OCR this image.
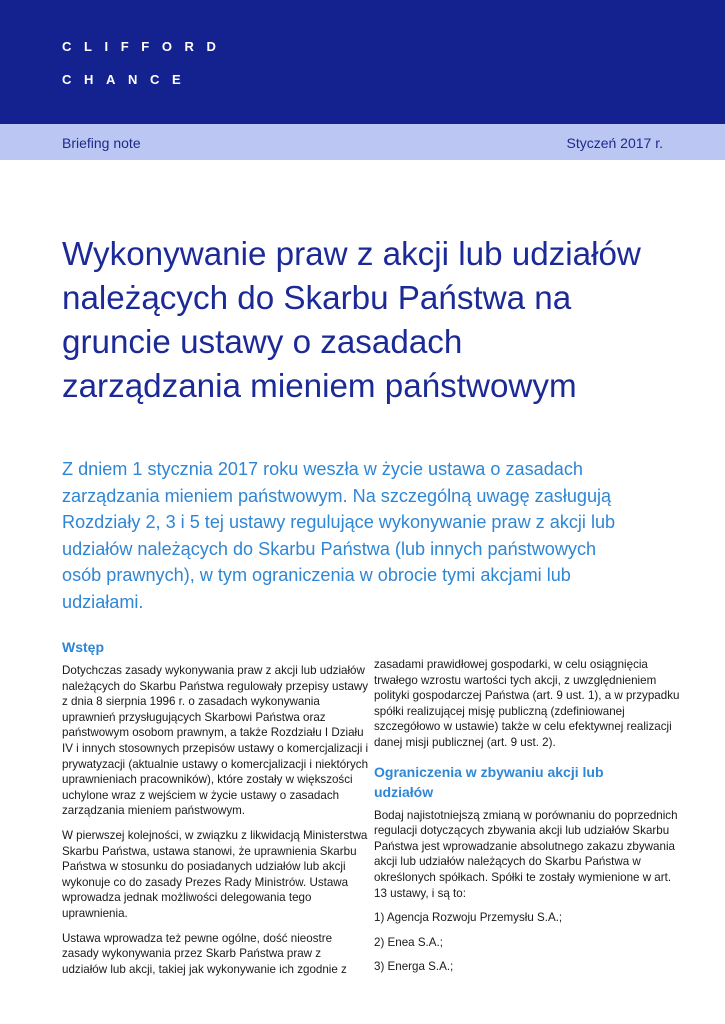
CLIFFORD
CHANCE
Briefing note	Styczeń 2017 r.
Wykonywanie praw z akcji lub udziałów
należących do Skarbu Państwa na
gruncie ustawy o zasadach
zarządzania mieniem państwowym
Z dniem 1 stycznia 2017 roku weszła w życie ustawa o zasadach
zarządzania mieniem państwowym. Na szczególną uwagę zasługują
Rozdziały 2, 3 i 5 tej ustawy regulujące wykonywanie praw z akcji lub
udziałów należących do Skarbu Państwa (lub innych państwowych
osób prawnych), w tym ograniczenia w obrocie tymi akcjami lub
udziałami.
Wstęp

Dotychczas zasady wykonywania praw z akcji lub udziałów
należących do Skarbu Państwa regulowały przepisy ustawy
z dnia 8 sierpnia 1996 r. o zasadach wykonywania
uprawnień przysługujących Skarbowi Państwa oraz
państwowym osobom prawnym, a także Rozdziału I Działu
IV i innych stosownych przepisów ustawy o komercjalizacji i
prywatyzacji (aktualnie ustawy o komercjalizacji i niektórych
uprawnieniach pracowników), które zostały w większości
uchylone wraz z wejściem w życie ustawy o zasadach
zarządzania mieniem państwowym.

W pierwszej kolejności, w związku z likwidacją Ministerstwa
Skarbu Państwa, ustawa stanowi, że uprawnienia Skarbu
Państwa w stosunku do posiadanych udziałów lub akcji
wykonuje co do zasady Prezes Rady Ministrów. Ustawa
wprowadza jednak możliwości delegowania tego
uprawnienia.

Ustawa wprowadza też pewne ogólne, dość nieostre
zasady wykonywania przez Skarb Państwa praw z
udziałów lub akcji, takiej jak wykonywanie ich zgodnie z

zasadami prawidłowej gospodarki, w celu osiągnięcia
trwałego wzrostu wartości tych akcji, z uwzględnieniem
polityki gospodarczej Państwa (art. 9 ust. 1), a w przypadku
spółki realizującej misję publiczną (zdefiniowanej
szczegółowo w ustawie) także w celu efektywnej realizacji
danej misji publicznej (art. 9 ust. 2).

Ograniczenia w zbywaniu akcji lub
udziałów

Bodaj najistotniejszą zmianą w porównaniu do poprzednich
regulacji dotyczących zbywania akcji lub udziałów Skarbu
Państwa jest wprowadzanie absolutnego zakazu zbywania
akcji lub udziałów należących do Skarbu Państwa w
określonych spółkach. Spółki te zostały wymienione w art.
13 ustawy, i są to:

1) Agencja Rozwoju Przemysłu S.A.;
2) Enea S.A.;
3) Energa S.A.;
